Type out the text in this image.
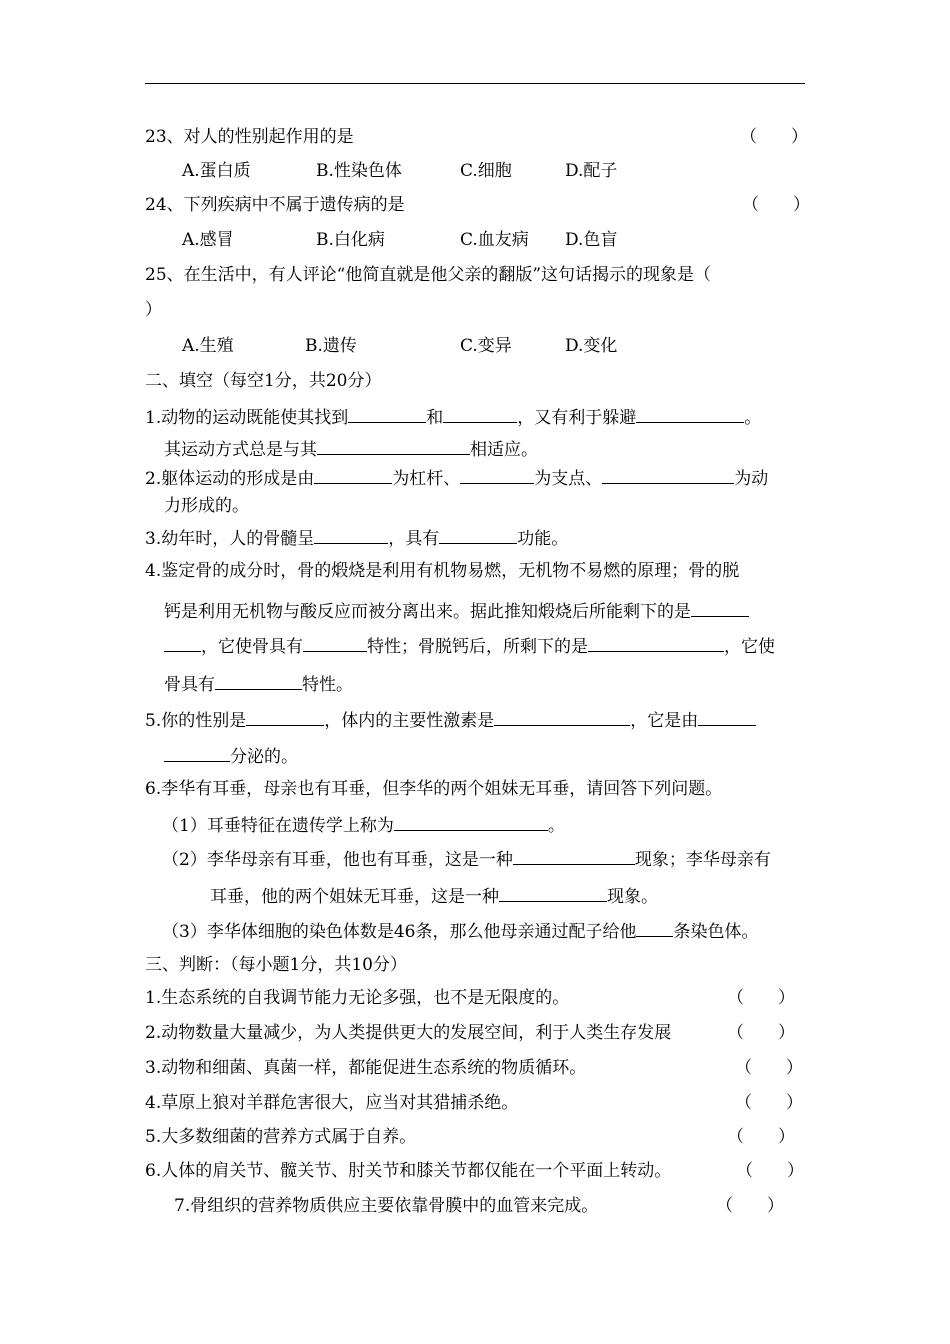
23、对人的性别起作用的是	（　　）
A.蛋白质	B.性染色体	C.细胞	D.配子
24、下列疾病中不属于遗传病的是	（　　）
A.感冒	B.白化病	C.血友病 D.色盲
25、在生活中，有人评论“他简直就是他父亲的翻版”这句话揭示的现象是（
）
A.生殖	B.遗传	C.变异	D.变化
二、填空（每空1分，共20分）
1.动物的运动既能使其找到	和	，又有利于躲避	。
其运动方式总是与其	相适应。
2.躯体运动的形成是由	为杠杆、	为支点、	为动
力形成的。
3.幼年时，人的骨髓呈	，具有	功能。
4.鉴定骨的成分时，骨的煅烧是利用有机物易燃，无机物不易燃的原理；骨的脱
钙是利用无机物与酸反应而被分离出来。据此推知煅烧后所能剩下的是
，它使骨具有	特性；骨脱钙后，所剩下的是	，它使
骨具有	特性。
5.你的性别是	，体内的主要性激素是	，它是由
分泌的。
6.李华有耳垂，母亲也有耳垂，但李华的两个姐妹无耳垂，请回答下列问题。
（1）耳垂特征在遗传学上称为	。
（2）李华母亲有耳垂，他也有耳垂，这是一种	现象；李华母亲有
耳垂，他的两个姐妹无耳垂，这是一种	现象。
（3）李华体细胞的染色体数是46条，那么他母亲通过配子给他 条染色体。
三、判断：（每小题1分，共10分）
1.生态系统的自我调节能力无论多强，也不是无限度的。	（　　）
2.动物数量大量减少，为人类提供更大的发展空间，利于人类生存发展	（　　）
3.动物和细菌、真菌一样，都能促进生态系统的物质循环。	（　　）
4.草原上狼对羊群危害很大，应当对其猎捕杀绝。	（　　）
5.大多数细菌的营养方式属于自养。	（　　）
6.人体的肩关节、髋关节、肘关节和膝关节都仅能在一个平面上转动。	（　　）
7.骨组织的营养物质供应主要依靠骨膜中的血管来完成。	（　　）
